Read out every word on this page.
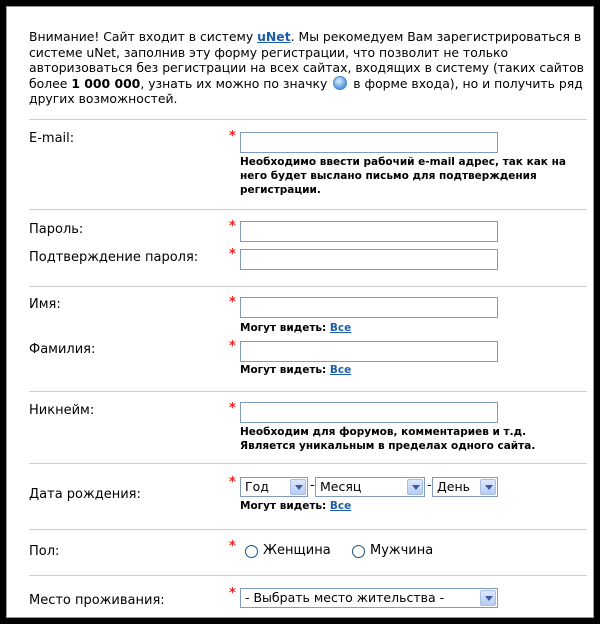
Внимание! Сайт входит в систему uNet. Мы рекомедуем Вам зарегистрироваться в системе uNet, заполнив эту форму регистрации, что позволит не только авторизоваться без регистрации на всех сайтах, входящих в систему (таких сайтов более 1 000 000, узнать их можно по значку  в форме входа), но и получить ряд других возможностей.
E-mail:	*
Необходимо ввести рабочий e-mail адрес, так как на него будет выслано письмо для подтверждения регистрации.
Пароль:	*
Подтверждение пароля: *
Имя:	*
Могут видеть: Все
Фамилия:	*
Могут видеть: Все
Никнейм:	*
Необходим для форумов, комментариев и т.д. Является уникальным в пределах одного сайта.
Дата рождения:
* Год	- Месяц	- День
Могут видеть: Все
Пол:	* Женщина	Мужчина
Место проживания:	* - Выбрать место жительства -
